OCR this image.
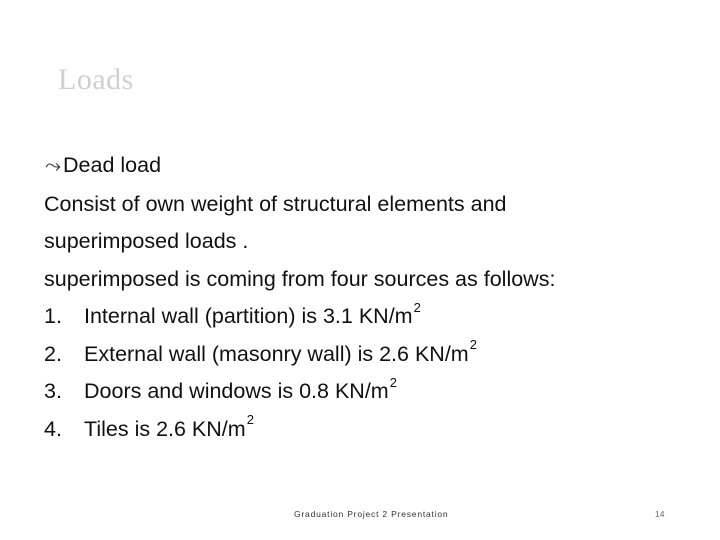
Loads
⤳ Dead load
Consist of own weight of structural elements and
superimposed loads .
superimposed is coming from four sources as follows:
1.	Internal wall (partition) is 3.1 $KN/m^2$
2.	External wall (masonry wall) is 2.6 $KN/m^2$
3.	Doors and windows is 0.8 $KN/m^2$
4.	Tiles is 2.6 $KN/m^2$
Graduation Project 2 Presentation	14
